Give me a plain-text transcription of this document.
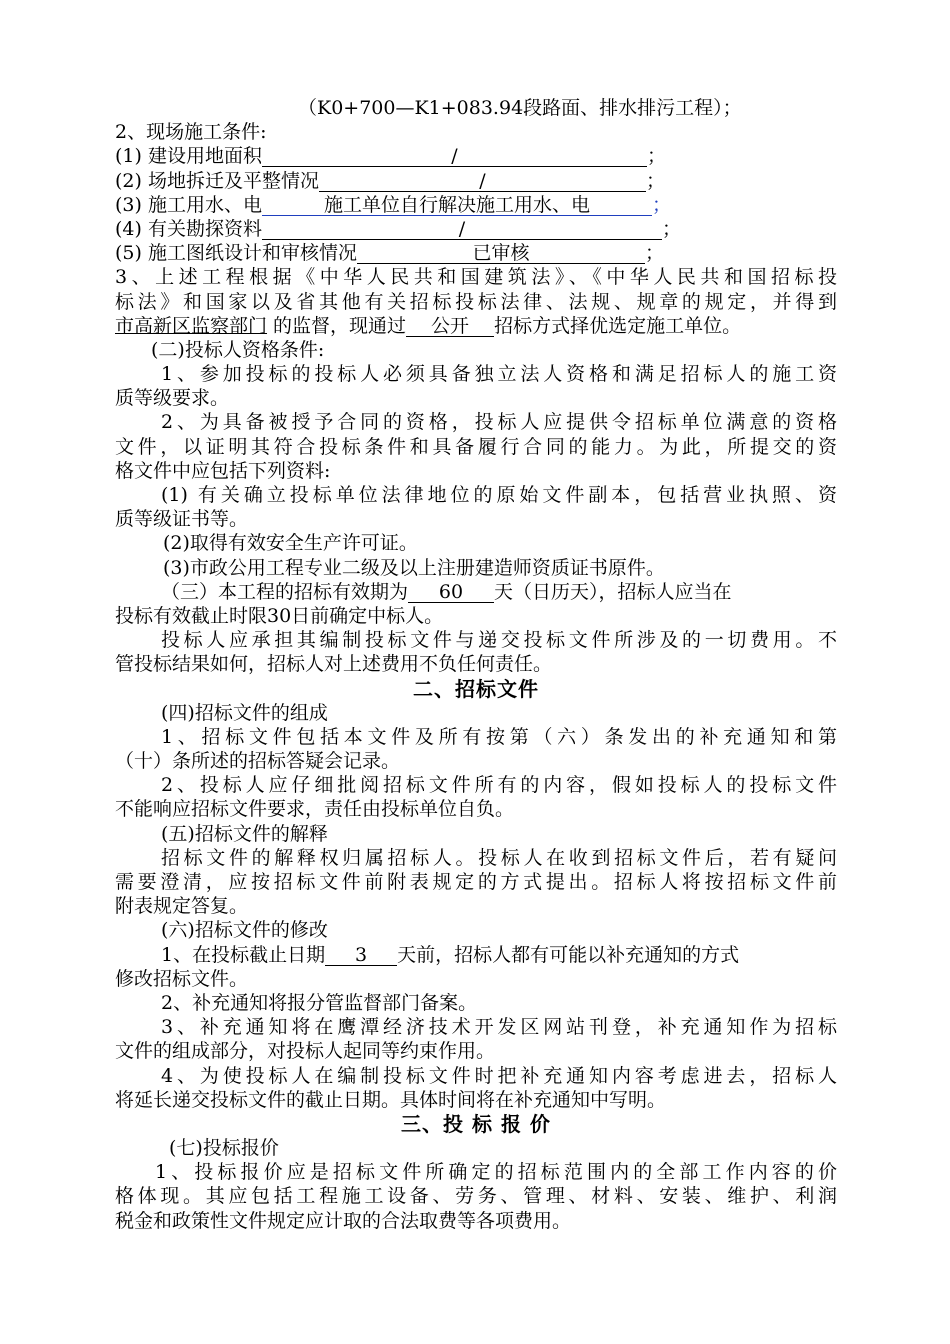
（K0+700—K1+083.94段路面、排水排污工程）；
2、现场施工条件:
(1) 建设用地面积	/	；
(2) 场地拆迁及平整情况	/	；
(3) 施工用水、电	施工单位自行解决施工用水、电	；
(4) 有关勘探资料	/	；
(5) 施工图纸设计和审核情况	已审核	；
3、上述工程根据《中华人民共和国建筑法》、《中华人民共和国招标投
标法》和国家以及省其他有关招标投标法律、法规、规章的规定，并得到
市高新区监察部门 的监督，现通过 公开 招标方式择优选定施工单位。
(二)投标人资格条件:
1、参加投标的投标人必须具备独立法人资格和满足招标人的施工资
质等级要求。
2、为具备被授予合同的资格，投标人应提供令招标单位满意的资格
文件，以证明其符合投标条件和具备履行合同的能力。为此，所提交的资
格文件中应包括下列资料:
(1) 有关确立投标单位法律地位的原始文件副本，包括营业执照、资
质等级证书等。
(2)取得有效安全生产许可证。
(3)市政公用工程专业二级及以上注册建造师资质证书原件。
（三）本工程的招标有效期为 60 天（日历天），招标人应当在
投标有效截止时限30日前确定中标人。
投标人应承担其编制投标文件与递交投标文件所涉及的一切费用。不
管投标结果如何，招标人对上述费用不负任何责任。
二、招标文件
(四)招标文件的组成
1、招标文件包括本文件及所有按第（六）条发出的补充通知和第
（十）条所述的招标答疑会记录。
2、投标人应仔细批阅招标文件所有的内容，假如投标人的投标文件
不能响应招标文件要求，责任由投标单位自负。
(五)招标文件的解释
招标文件的解释权归属招标人。投标人在收到招标文件后，若有疑问
需要澄清，应按招标文件前附表规定的方式提出。招标人将按招标文件前
附表规定答复。
(六)招标文件的修改
1、在投标截止日期 3 天前，招标人都有可能以补充通知的方式
修改招标文件。
2、补充通知将报分管监督部门备案。
3、补充通知将在鹰潭经济技术开发区网站刊登，补充通知作为招标
文件的组成部分，对投标人起同等约束作用。
4、为使投标人在编制投标文件时把补充通知内容考虑进去，招标人
将延长递交投标文件的截止日期。具体时间将在补充通知中写明。
三、投 标 报 价
(七)投标报价
1、投标报价应是招标文件所确定的招标范围内的全部工作内容的价
格体现。其应包括工程施工设备、劳务、管理、材料、安装、维护、利润
税金和政策性文件规定应计取的合法取费等各项费用。
